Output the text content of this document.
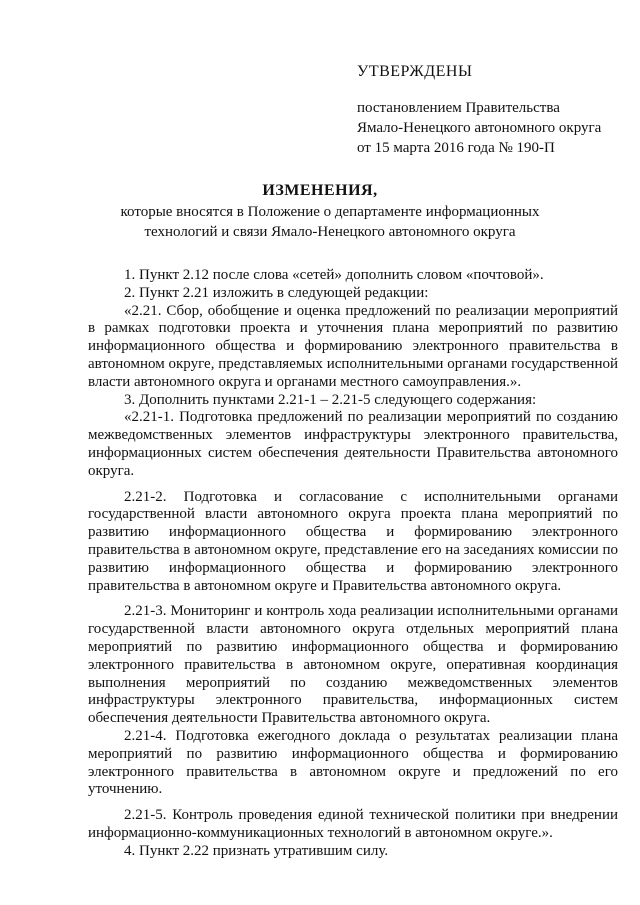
УТВЕРЖДЕНЫ
постановлением Правительства
Ямало-Ненецкого автономного округа
от 15 марта 2016 года № 190-П
ИЗМЕНЕНИЯ,
которые вносятся в Положение о департаменте информационных
технологий и связи Ямало-Ненецкого автономного округа

1. Пункт 2.12 после слова «сетей» дополнить словом «почтовой».

2. Пункт 2.21 изложить в следующей редакции:

«2.21. Сбор, обобщение и оценка предложений по реализации мероприятий в рамках подготовки проекта и уточнения плана мероприятий по развитию информационного общества и формированию электронного правительства в автономном округе, представляемых исполнительными органами государственной власти автономного округа и органами местного самоуправления.».

3. Дополнить пунктами 2.21-1 – 2.21-5 следующего содержания:

«2.21-1. Подготовка предложений по реализации мероприятий по созданию межведомственных элементов инфраструктуры электронного правительства, информационных систем обеспечения деятельности Правительства автономного округа.

2.21-2. Подготовка и согласование с исполнительными органами государственной власти автономного округа проекта плана мероприятий по развитию информационного общества и формированию электронного правительства в автономном округе, представление его на заседаниях комиссии по развитию информационного общества и формированию электронного правительства в автономном округе и Правительства автономного округа.

2.21-3. Мониторинг и контроль хода реализации исполнительными органами государственной власти автономного округа отдельных мероприятий плана мероприятий по развитию информационного общества и формированию электронного правительства в автономном округе, оперативная координация выполнения мероприятий по созданию межведомственных элементов инфраструктуры электронного правительства, информационных систем обеспечения деятельности Правительства автономного округа.

2.21-4. Подготовка ежегодного доклада о результатах реализации плана мероприятий по развитию информационного общества и формированию электронного правительства в автономном округе и предложений по его уточнению.

2.21-5. Контроль проведения единой технической политики при внедрении информационно-коммуникационных технологий в автономном округе.».

4. Пункт 2.22 признать утратившим силу.
